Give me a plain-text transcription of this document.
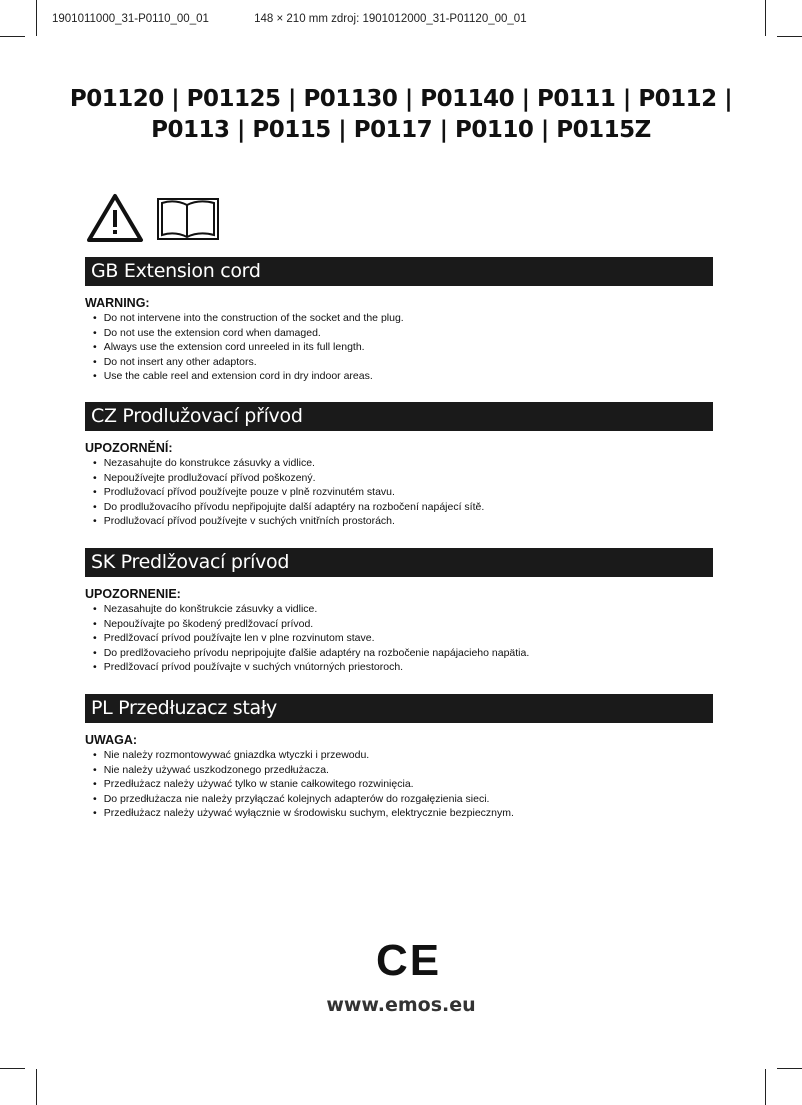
1901011000_31-P0110_00_01	148 × 210 mm zdroj: 1901012000_31-P01120_00_01
P01120 | P01125 | P01130 | P01140 | P0111 | P0112 |
P0113 | P0115 | P0117 | P0110 | P0115Z
GB Extension cord
WARNING:
• Do not intervene into the construction of the socket and the plug.
• Do not use the extension cord when damaged.
• Always use the extension cord unreeled in its full length.
• Do not insert any other adaptors.
• Use the cable reel and extension cord in dry indoor areas.
CZ Prodlužovací přívod
UPOZORNĚNÍ:
• Nezasahujte do konstrukce zásuvky a vidlice.
• Nepoužívejte prodlužovací přívod poškozený.
• Prodlužovací přívod používejte pouze v plně rozvinutém stavu.
• Do prodlužovacího přívodu nepřipojujte další adaptéry na rozbočení napájecí sítě.
• Prodlužovací přívod používejte v suchých vnitřních prostorách.
SK Predlžovací prívod
UPOZORNENIE:
• Nezasahujte do konštrukcie zásuvky a vidlice.
• Nepoužívajte po škodený predlžovací prívod.
• Predlžovací prívod používajte len v plne rozvinutom stave.
• Do predlžovacieho prívodu nepripojujte ďalšie adaptéry na rozbočenie napájacieho napätia.
• Predlžovací prívod používajte v suchých vnútorných priestoroch.
PL Przedłuzacz stały
UWAGA:
• Nie należy rozmontowywać gniazdka wtyczki i przewodu.
• Nie należy używać uszkodzonego przedłużacza.
• Przedłużacz należy używać tylko w stanie całkowitego rozwinięcia.
• Do przedłużacza nie należy przyłączać kolejnych adapterów do rozgałęzienia sieci.
• Przedłużacz należy używać wyłącznie w środowisku suchym, elektrycznie bezpiecznym.
CE
www.emos.eu
